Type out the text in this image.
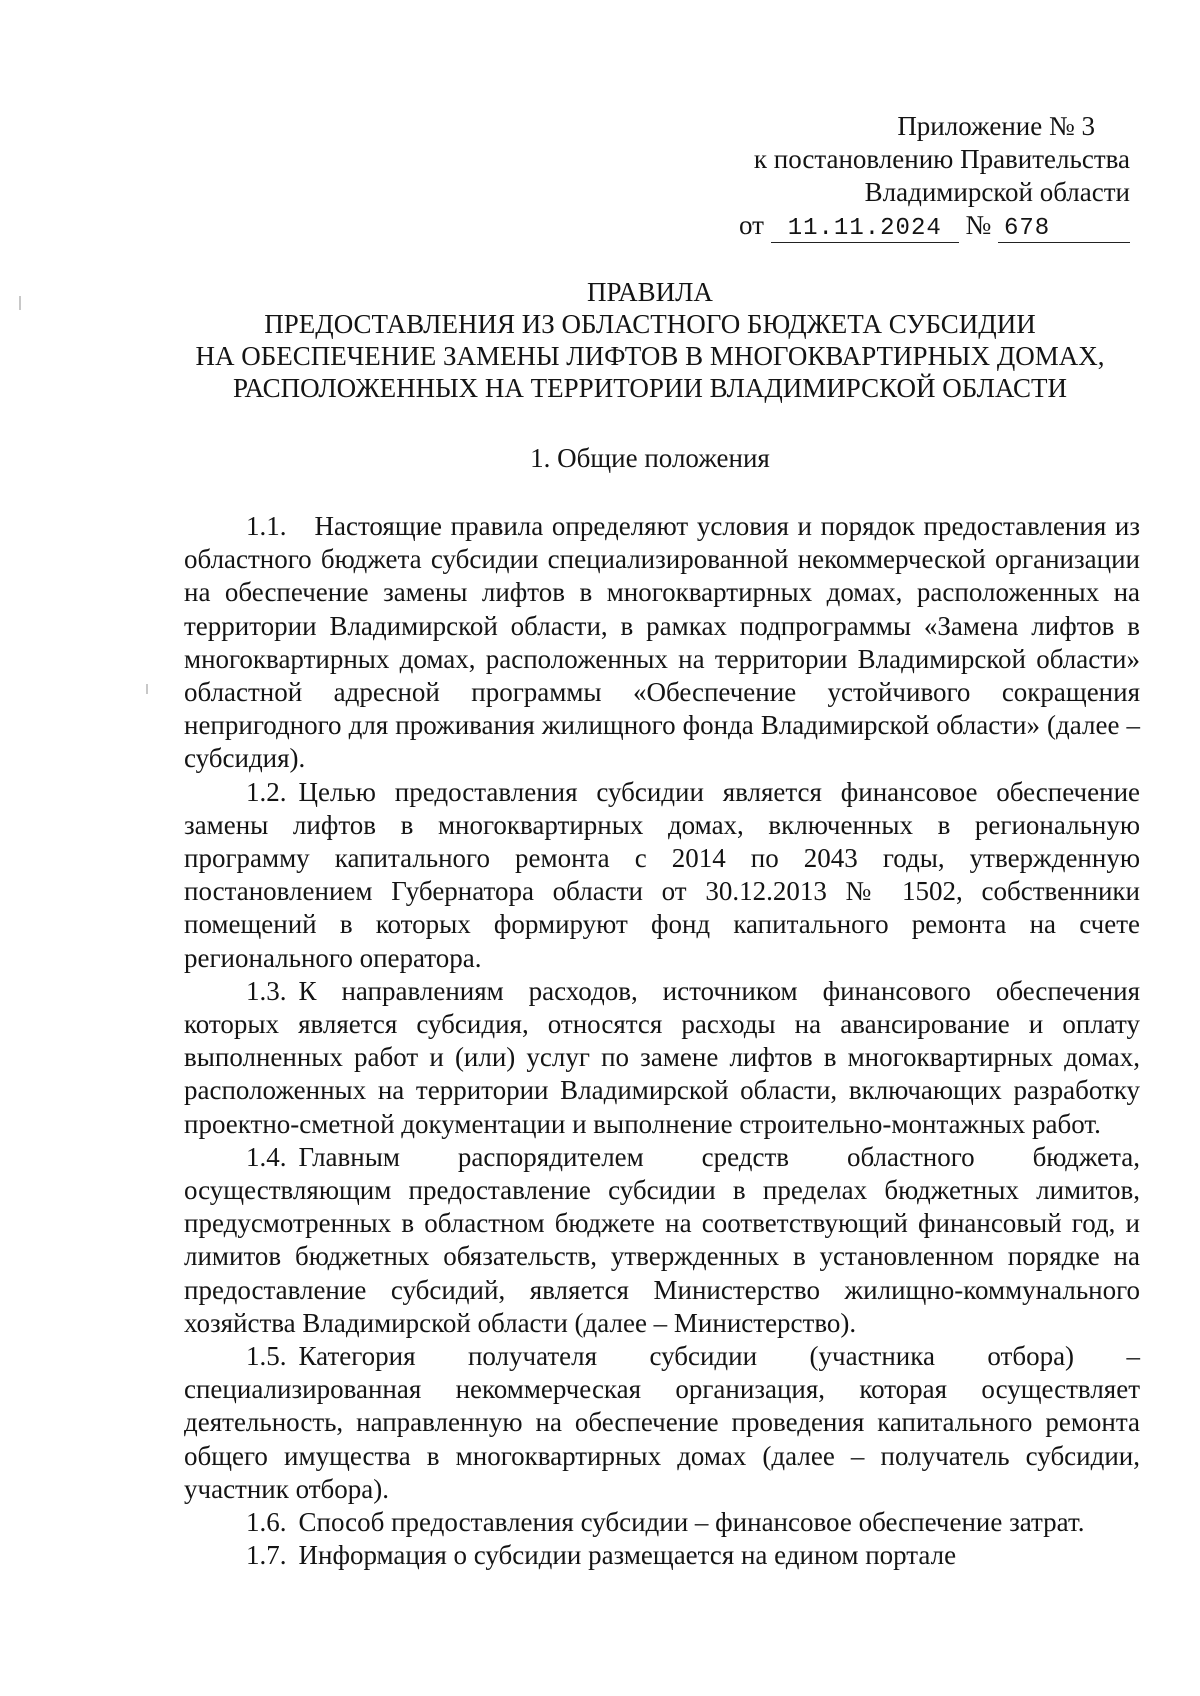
Приложение № 3
к постановлению Правительства
Владимирской области
от 11.11.2024 № 678
ПРАВИЛА
ПРЕДОСТАВЛЕНИЯ ИЗ ОБЛАСТНОГО БЮДЖЕТА СУБСИДИИ
НА ОБЕСПЕЧЕНИЕ ЗАМЕНЫ ЛИФТОВ В МНОГОКВАРТИРНЫХ ДОМАХ,
РАСПОЛОЖЕННЫХ НА ТЕРРИТОРИИ ВЛАДИМИРСКОЙ ОБЛАСТИ
1. Общие положения

1.1. Настоящие правила определяют условия и порядок предоставления из областного бюджета субсидии специализированной некоммерческой организации на обеспечение замены лифтов в многоквартирных домах, расположенных на территории Владимирской области, в рамках подпрограммы «Замена лифтов в многоквартирных домах, расположенных на территории Владимирской области» областной адресной программы «Обеспечение устойчивого сокращения непригодного для проживания жилищного фонда Владимирской области» (далее – субсидия).

1.2. Целью предоставления субсидии является финансовое обеспечение замены лифтов в многоквартирных домах, включенных в региональную программу капитального ремонта с 2014 по 2043 годы, утвержденную постановлением Губернатора области от 30.12.2013 № 1502, собственники помещений в которых формируют фонд капитального ремонта на счете регионального оператора.

1.3. К направлениям расходов, источником финансового обеспечения которых является субсидия, относятся расходы на авансирование и оплату выполненных работ и (или) услуг по замене лифтов в многоквартирных домах, расположенных на территории Владимирской области, включающих разработку проектно-сметной документации и выполнение строительно-монтажных работ.

1.4. Главным распорядителем средств областного бюджета, осуществляющим предоставление субсидии в пределах бюджетных лимитов, предусмотренных в областном бюджете на соответствующий финансовый год, и лимитов бюджетных обязательств, утвержденных в установленном порядке на предоставление субсидий, является Министерство жилищно-коммунального хозяйства Владимирской области (далее – Министерство).

1.5. Категория получателя субсидии (участника отбора) – специализированная некоммерческая организация, которая осуществляет деятельность, направленную на обеспечение проведения капитального ремонта общего имущества в многоквартирных домах (далее – получатель субсидии, участник отбора).

1.6. Способ предоставления субсидии – финансовое обеспечение затрат.

1.7. Информация о субсидии размещается на едином портале
